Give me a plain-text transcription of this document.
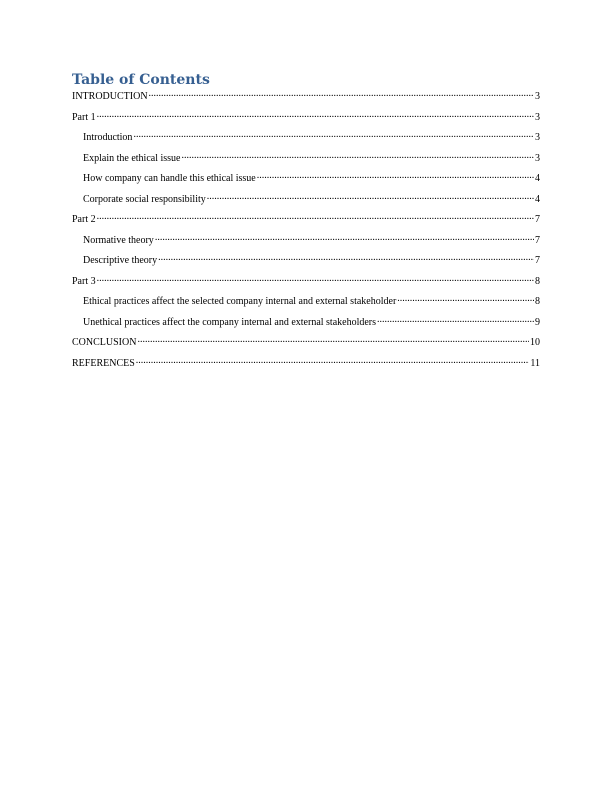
Table of Contents
INTRODUCTION .....	3
Part 1 .....	3
Introduction .....	3
Explain the ethical issue .....	3
How company can handle this ethical issue .....	4
Corporate social responsibility .....	4
Part 2 .....	7
Normative theory .....	7
Descriptive theory .....	7
Part 3 .....	8
Ethical practices affect the selected company internal and external stakeholder .....	8
Unethical practices affect the company internal and external stakeholders .....	9
CONCLUSION .....	10
REFERENCES .....	11
